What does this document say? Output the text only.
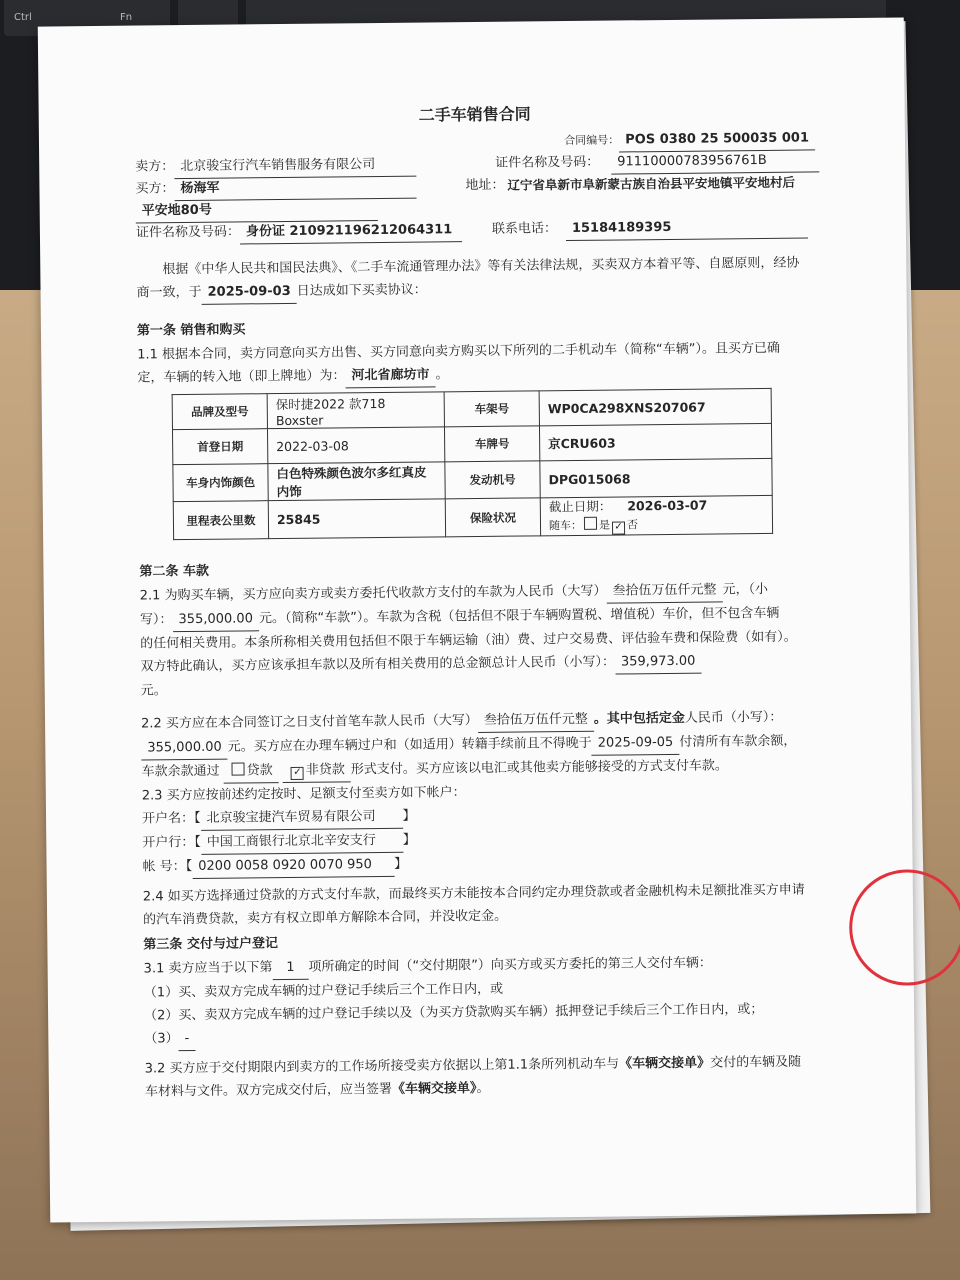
Ctrl	Fn
二手车销售合同
合同编号： POS 0380 25 500035 001
卖方： 北京骏宝行汽车销售服务有限公司	证件名称及号码：	91110000783956761B
买方： 杨海军	地址： 辽宁省阜新市阜新蒙古族自治县平安地镇平安地村后
平安地80号
证件名称及号码： 身份证 210921196212064311	联系电话：	15184189395

根据《中华人民共和国民法典》、《二手车流通管理办法》等有关法律法规，买卖双方本着平等、自愿原则，经协

商一致，于 2025-09-03 日达成如下买卖协议：

第一条 销售和购买

1.1 根据本合同，卖方同意向买方出售、买方同意向卖方购买以下所列的二手机动车（简称“车辆”）。且买方已确

定，车辆的转入地（即上牌地）为： 河北省廊坊市 。

品牌及型号	保时捷2022 款718 Boxster	车架号	WP0CA298XNS207067
首登日期	2022-03-08	车牌号	京CRU603
车身内饰颜色	白色特殊颜色波尔多红真皮内饰	发动机号	DPG015068
里程表公里数	25845	保险状况	截止日期： 2026-03-07
随车： 是 ✓ 否
第二条 车款

2.1 为购买车辆，买方应向卖方或卖方委托代收款方支付的车款为人民币（大写） 叁拾伍万伍仟元整 元，（小

写）： 355,000.00 元。（简称“车款”）。车款为含税（包括但不限于车辆购置税、增值税）车价，但不包含车辆

的任何相关费用。本条所称相关费用包括但不限于车辆运输（油）费、过户交易费、评估验车费和保险费（如有）。

双方特此确认，买方应该承担车款以及所有相关费用的总金额总计人民币（小写）： 359,973.00

元。

2.2 买方应在本合同签订之日支付首笔车款人民币（大写） 叁拾伍万伍仟元整 。其中包括定金人民币（小写）：

355,000.00 元。买方应在办理车辆过户和（如适用）转籍手续前且不得晚于 2025-09-05 付清所有车款余额，

车款余款通过 贷款 ✓ 非贷款 形式支付。买方应该以电汇或其他卖方能够接受的方式支付车款。

2.3 买方应按前述约定按时、足额支付至卖方如下帐户：

开户名：【 北京骏宝捷汽车贸易有限公司 】

开户行：【 中国工商银行北京北辛安支行 】

帐 号：【 0200 0058 0920 0070 950 】

2.4 如买方选择通过贷款的方式支付车款，而最终买方未能按本合同约定办理贷款或者金融机构未足额批准买方申请

的汽车消费贷款，卖方有权立即单方解除本合同，并没收定金。

第三条 交付与过户登记

3.1 卖方应当于以下第 1 项所确定的时间（“交付期限”）向买方或买方委托的第三人交付车辆：

（1）买、卖双方完成车辆的过户登记手续后三个工作日内，或

（2）买、卖双方完成车辆的过户登记手续以及（为买方贷款购买车辆）抵押登记手续后三个工作日内，或；

（3） -

3.2 买方应于交付期限内到卖方的工作场所接受卖方依据以上第1.1条所列机动车与《车辆交接单》交付的车辆及随

车材料与文件。双方完成交付后，应当签署《车辆交接单》。
